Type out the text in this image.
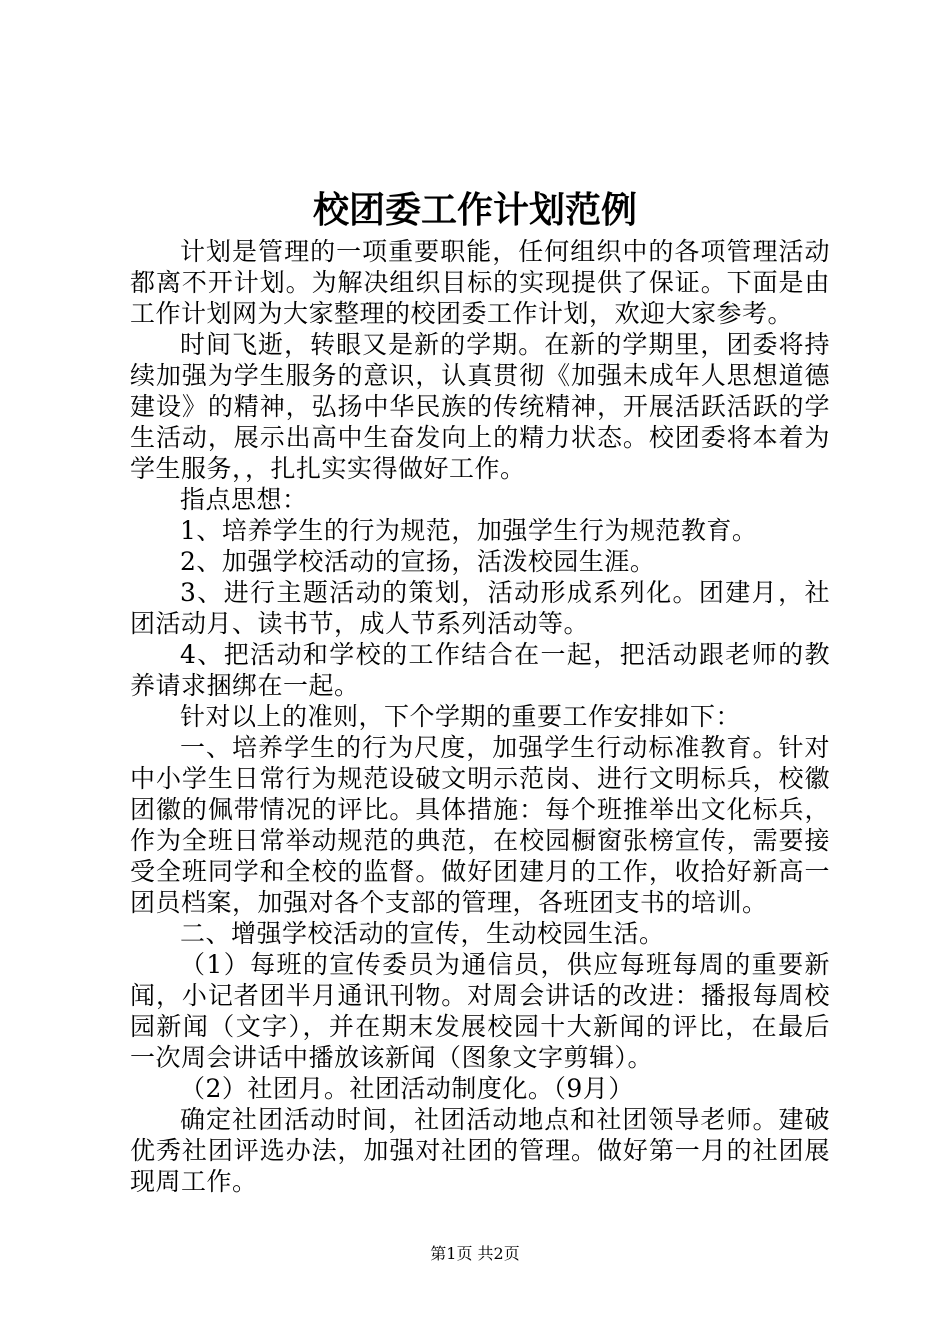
校团委工作计划范例

计划是管理的一项重要职能，任何组织中的各项管理活动都离不开计划。为解决组织目标的实现提供了保证。下面是由工作计划网为大家整理的校团委工作计划，欢迎大家参考。

时间飞逝，转眼又是新的学期。在新的学期里，团委将持续加强为学生服务的意识，认真贯彻《加强未成年人思想道德建设》的精神，弘扬中华民族的传统精神，开展活跃活跃的学生活动，展示出高中生奋发向上的精力状态。校团委将本着为学生服务，，扎扎实实得做好工作。

指点思想：

1、培养学生的行为规范，加强学生行为规范教育。

2、加强学校活动的宣扬，活泼校园生涯。

3、进行主题活动的策划，活动形成系列化。团建月，社团活动月、读书节，成人节系列活动等。

4、把活动和学校的工作结合在一起，把活动跟老师的教养请求捆绑在一起。

针对以上的准则，下个学期的重要工作安排如下：

一、培养学生的行为尺度，加强学生行动标准教育。针对中小学生日常行为规范设破文明示范岗、进行文明标兵，校徽团徽的佩带情况的评比。具体措施：每个班推举出文化标兵，作为全班日常举动规范的典范，在校园橱窗张榜宣传，需要接受全班同学和全校的监督。做好团建月的工作，收拾好新高一团员档案，加强对各个支部的管理，各班团支书的培训。

二、增强学校活动的宣传，生动校园生活。

（1）每班的宣传委员为通信员，供应每班每周的重要新闻，小记者团半月通讯刊物。对周会讲话的改进：播报每周校园新闻（文字），并在期末发展校园十大新闻的评比，在最后一次周会讲话中播放该新闻（图象文字剪辑）。

（2）社团月。社团活动制度化。（9月）

确定社团活动时间，社团活动地点和社团领导老师。建破优秀社团评选办法，加强对社团的管理。做好第一月的社团展现周工作。

第1页 共2页
